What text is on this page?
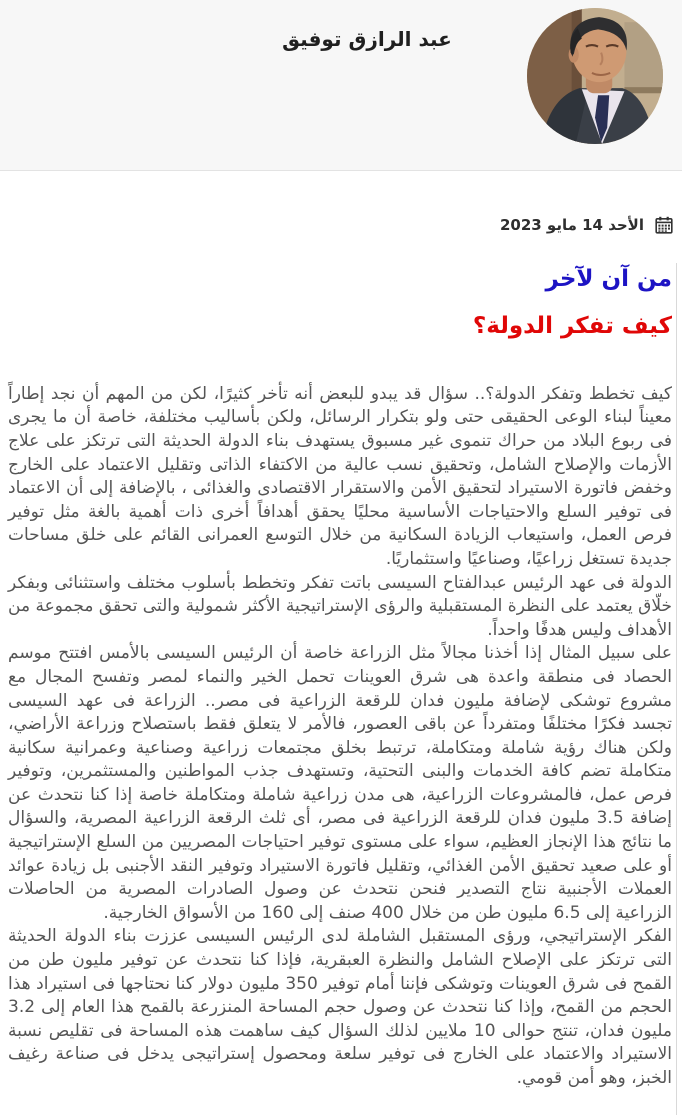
عبد الرازق توفيق
الأحد 14 مايو 2023
من آن لآخر
كيف تفكر الدولة؟

كيف تخطط وتفكر الدولة؟.. سؤال قد يبدو للبعض أنه تأخر كثيرًا، لكن من المهم أن نجد إطاراً معيناً لبناء الوعى الحقيقى حتى ولو بتكرار الرسائل، ولكن بأساليب مختلفة، خاصة أن ما يجرى فى ربوع البلاد من حراك تنموى غير مسبوق يستهدف بناء الدولة الحديثة التى ترتكز على علاج الأزمات والإصلاح الشامل، وتحقيق نسب عالية من الاكتفاء الذاتى وتقليل الاعتماد على الخارج وخفض فاتورة الاستيراد لتحقيق الأمن والاستقرار الاقتصادى والغذائى ، بالإضافة إلى أن الاعتماد فى توفير السلع والاحتياجات الأساسية محليًا يحقق أهدافاً أخرى ذات أهمية بالغة مثل توفير فرص العمل، واستيعاب الزيادة السكانية من خلال التوسع العمرانى القائم على خلق مساحات جديدة تستغل زراعيًا، وصناعيًا واستثماريًا.

الدولة فى عهد الرئيس عبدالفتاح السيسى باتت تفكر وتخطط بأسلوب مختلف واستثنائى وبفكر خلّاق يعتمد على النظرة المستقبلية والرؤى الإستراتيجية الأكثر شمولية والتى تحقق مجموعة من الأهداف وليس هدفًا واحداً.

على سبيل المثال إذا أخذنا مجالاً مثل الزراعة خاصة أن الرئيس السيسى بالأمس افتتح موسم الحصاد فى منطقة واعدة هى شرق العوينات تحمل الخير والنماء لمصر وتفسح المجال مع مشروع توشكى لإضافة مليون فدان للرقعة الزراعية فى مصر.. الزراعة فى عهد السيسى تجسد فكرًا مختلفًا ومتفرداً عن باقى العصور، فالأمر لا يتعلق فقط باستصلاح وزراعة الأراضي، ولكن هناك رؤية شاملة ومتكاملة، ترتبط بخلق مجتمعات زراعية وصناعية وعمرانية سكانية متكاملة تضم كافة الخدمات والبنى التحتية، وتستهدف جذب المواطنين والمستثمرين، وتوفير فرص عمل، فالمشروعات الزراعية، هى مدن زراعية شاملة ومتكاملة خاصة إذا كنا نتحدث عن إضافة 3.5 مليون فدان للرقعة الزراعية فى مصر، أى ثلث الرقعة الزراعية المصرية، والسؤال ما نتائج هذا الإنجاز العظيم، سواء على مستوى توفير احتياجات المصريين من السلع الإستراتيجية أو على صعيد تحقيق الأمن الغذائي، وتقليل فاتورة الاستيراد وتوفير النقد الأجنبى بل زيادة عوائد العملات الأجنبية نتاج التصدير فنحن نتحدث عن وصول الصادرات المصرية من الحاصلات الزراعية إلى 6.5 مليون طن من خلال 400 صنف إلى 160 من الأسواق الخارجية.

الفكر الإستراتيجي، ورؤى المستقبل الشاملة لدى الرئيس السيسى عززت بناء الدولة الحديثة التى ترتكز على الإصلاح الشامل والنظرة العبقرية، فإذا كنا نتحدث عن توفير مليون طن من القمح فى شرق العوينات وتوشكى فإننا أمام توفير 350 مليون دولار كنا نحتاجها فى استيراد هذا الحجم من القمح، وإذا كنا نتحدث عن وصول حجم المساحة المنزرعة بالقمح هذا العام إلى 3.2 مليون فدان، تنتج حوالى 10 ملايين لذلك السؤال كيف ساهمت هذه المساحة فى تقليص نسبة الاستيراد والاعتماد على الخارج فى توفير سلعة ومحصول إستراتيجى يدخل فى صناعة رغيف الخبز، وهو أمن قومي.
